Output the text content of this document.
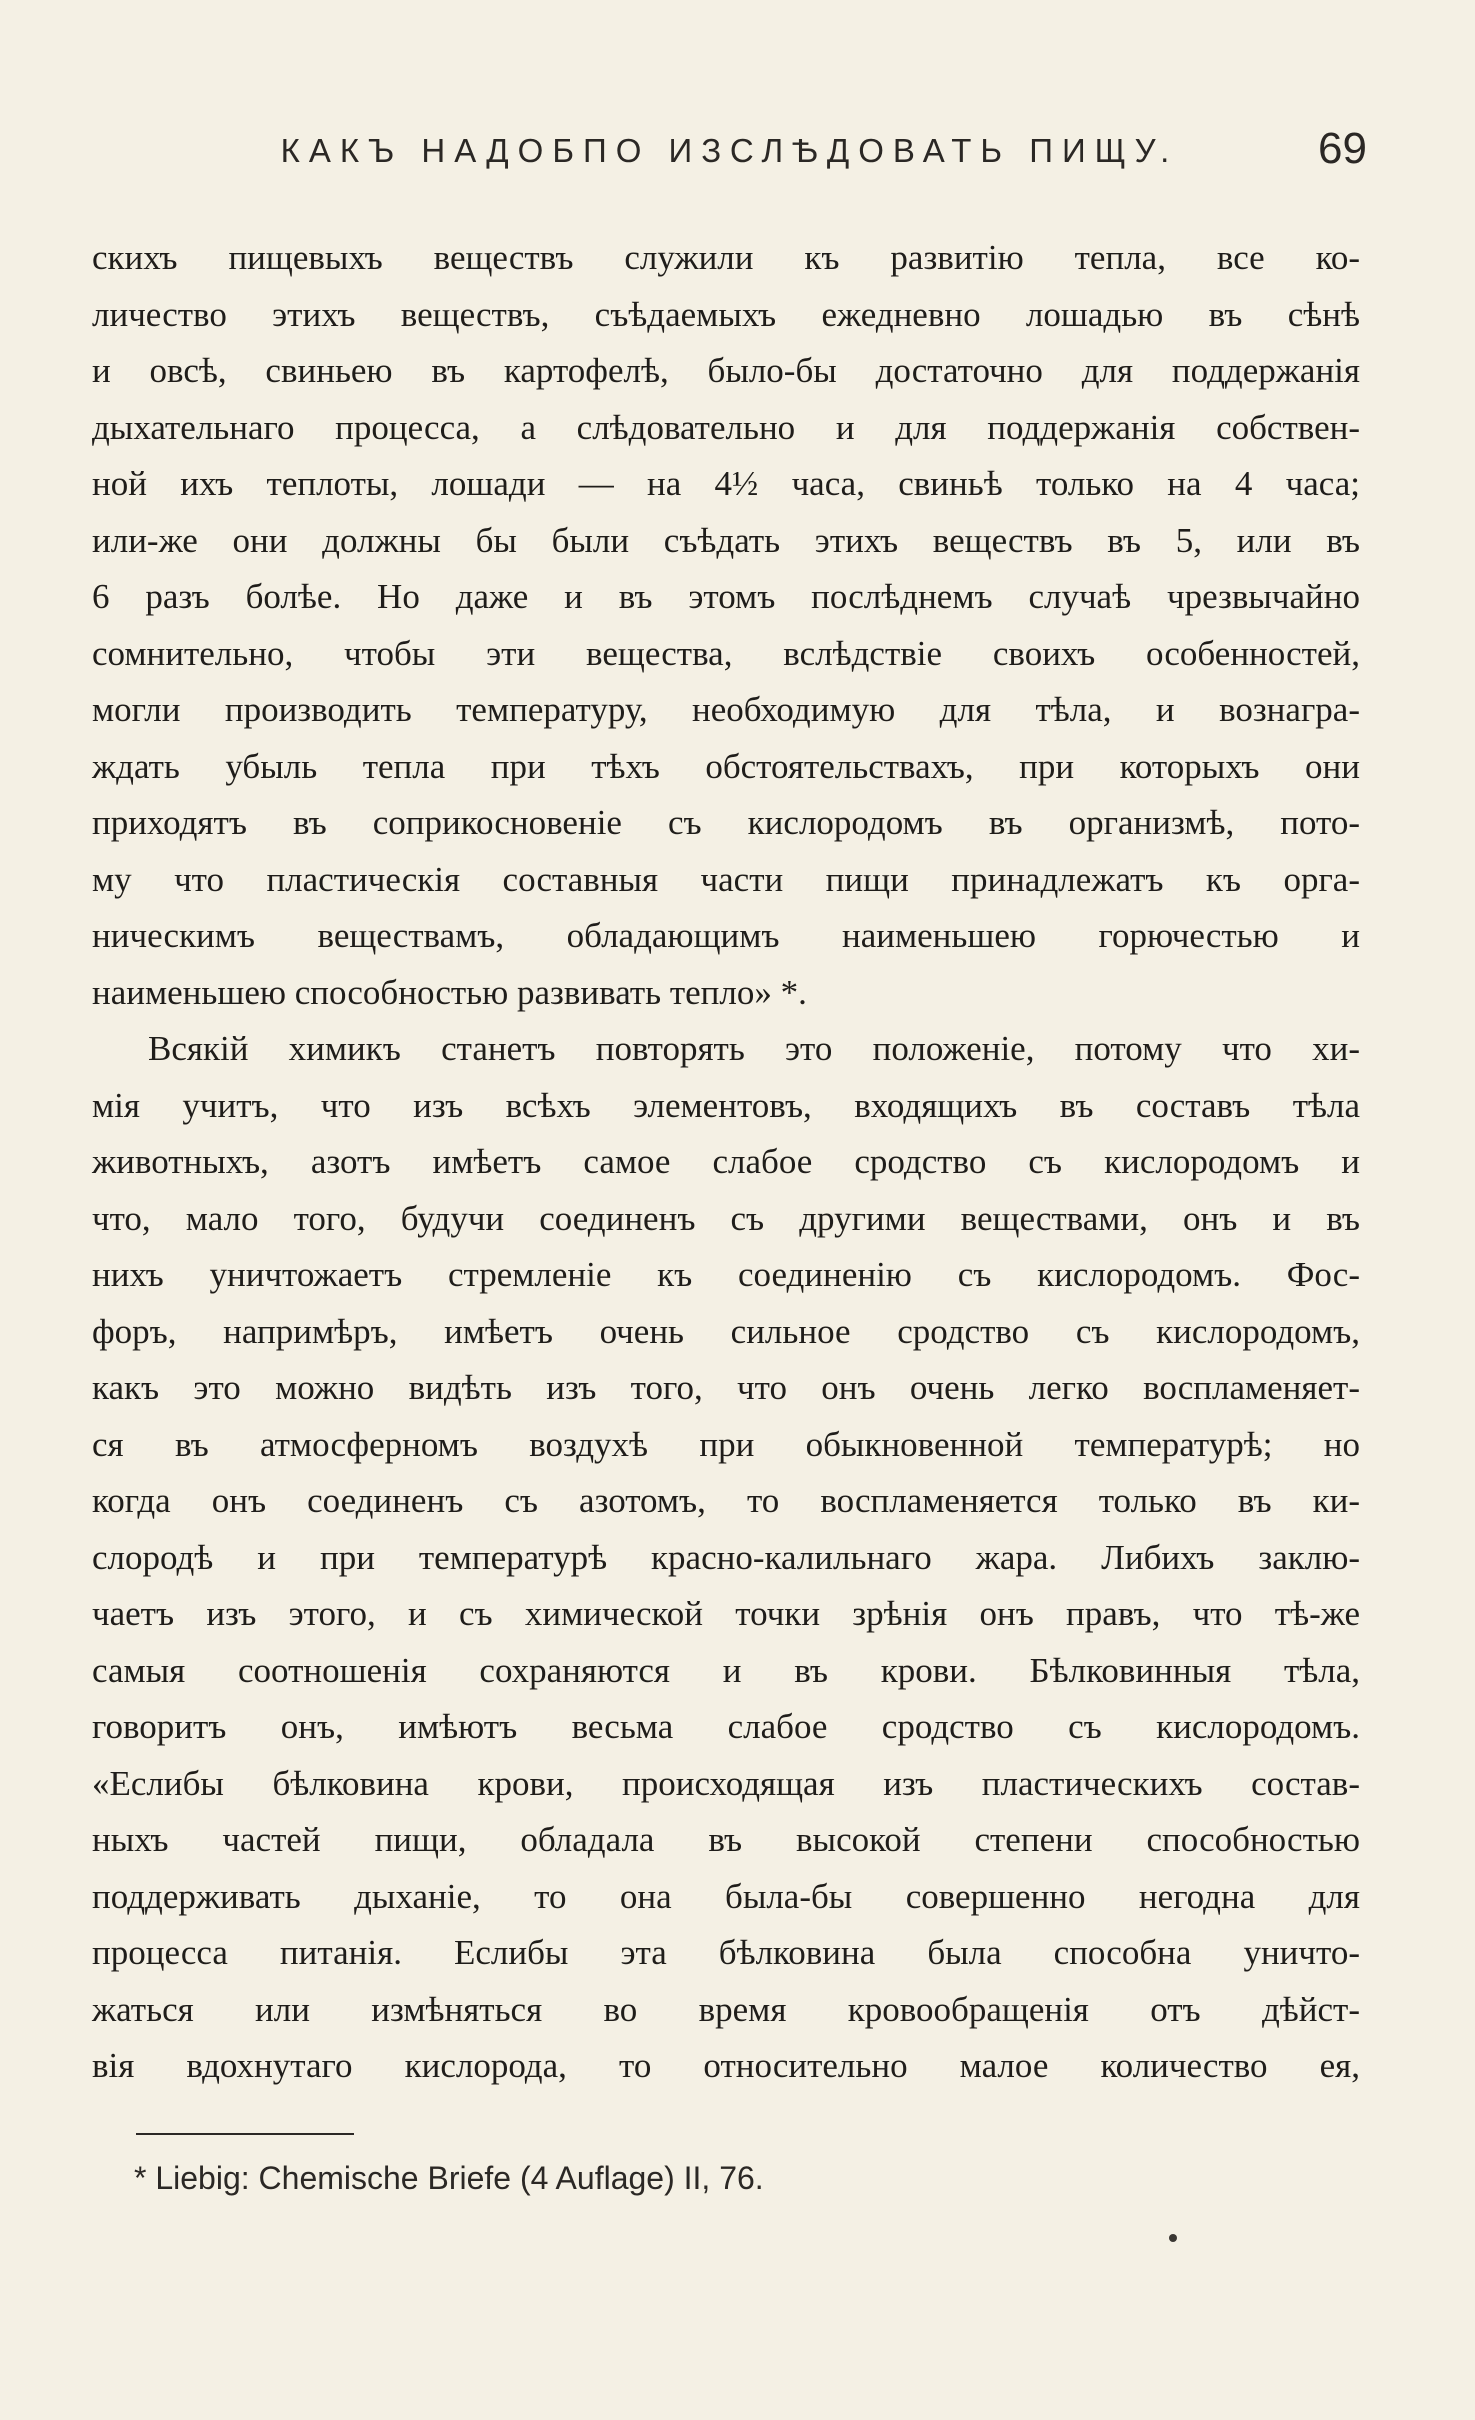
КАКЪ НАДОБПО ИЗСЛѢДОВАТЬ ПИЩУ.	69
скихъ пищевыхъ веществъ служили къ развитію тепла, все ко-
личество этихъ веществъ, съѣдаемыхъ ежедневно лошадью въ сѣнѣ
и овсѣ, свиньею въ картофелѣ, было-бы достаточно для поддержанія
дыхательнаго процесса, а слѣдовательно и для поддержанія собствен-
ной ихъ теплоты, лошади — на 4½ часа, свиньѣ только на 4 часа;
или-же они должны бы были съѣдать этихъ веществъ въ 5, или въ
6 разъ болѣе. Но даже и въ этомъ послѣднемъ случаѣ чрезвычайно
сомнительно, чтобы эти вещества, вслѣдствіе своихъ особенностей,
могли производить температуру, необходимую для тѣла, и вознагра-
ждать убыль тепла при тѣхъ обстоятельствахъ, при которыхъ они
приходятъ въ соприкосновеніе съ кислородомъ въ организмѣ, пото-
му что пластическія составныя части пищи принадлежатъ къ орга-
ническимъ веществамъ, обладающимъ наименьшею горючестью и
наименьшею способностью развивать тепло» *.
Всякій химикъ станетъ повторять это положеніе, потому что хи-
мія учитъ, что изъ всѣхъ элементовъ, входящихъ въ составъ тѣла
животныхъ, азотъ имѣетъ самое слабое сродство съ кислородомъ и
что, мало того, будучи соединенъ съ другими веществами, онъ и въ
нихъ уничтожаетъ стремленіе къ соединенію съ кислородомъ. Фос-
форъ, напримѣръ, имѣетъ очень сильное сродство съ кислородомъ,
какъ это можно видѣть изъ того, что онъ очень легко воспламеняет-
ся въ атмосферномъ воздухѣ при обыкновенной температурѣ; но
когда онъ соединенъ съ азотомъ, то воспламеняется только въ ки-
слородѣ и при температурѣ красно-калильнаго жара. Либихъ заклю-
чаетъ изъ этого, и съ химической точки зрѣнія онъ правъ, что тѣ-же
самыя соотношенія сохраняются и въ крови. Бѣлковинныя тѣла,
говоритъ онъ, имѣютъ весьма слабое сродство съ кислородомъ.
«Еслибы бѣлковина крови, происходящая изъ пластическихъ состав-
ныхъ частей пищи, обладала въ высокой степени способностью
поддерживать дыханіе, то она была-бы совершенно негодна для
процесса питанія. Еслибы эта бѣлковина была способна уничто-
жаться или измѣняться во время кровообращенія отъ дѣйст-
вія вдохнутаго кислорода, то относительно малое количество ея,
* Liebig: Chemische Briefe (4 Auflage) II, 76.
